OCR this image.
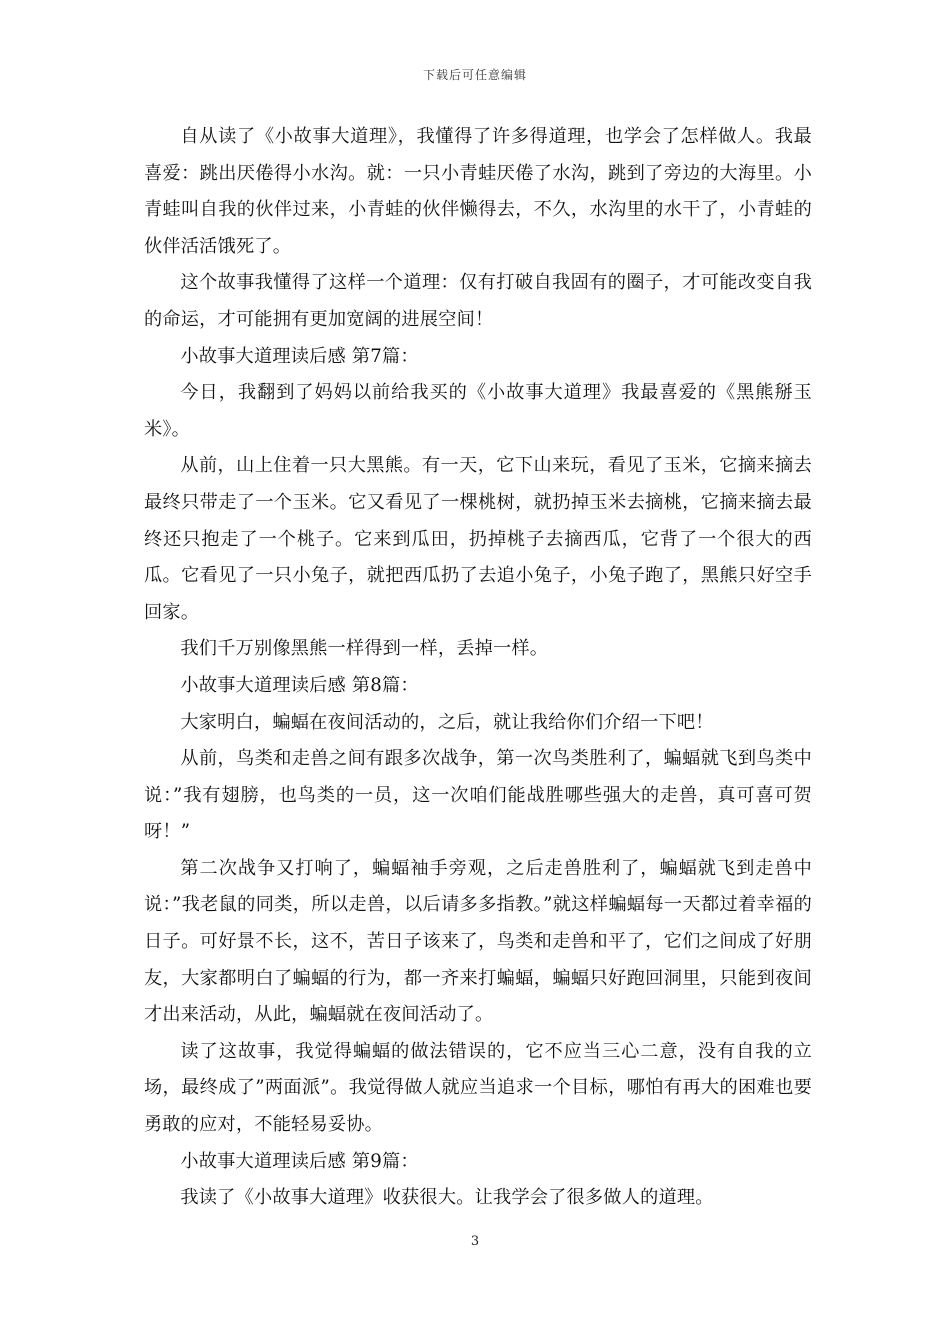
下载后可任意编辑

自从读了《小故事大道理》，我懂得了许多得道理，也学会了怎样做人。我最喜爱：跳出厌倦得小水沟。就：一只小青蛙厌倦了水沟，跳到了旁边的大海里。小青蛙叫自我的伙伴过来，小青蛙的伙伴懒得去，不久，水沟里的水干了，小青蛙的伙伴活活饿死了。

这个故事我懂得了这样一个道理：仅有打破自我固有的圈子，才可能改变自我的命运，才可能拥有更加宽阔的进展空间！

小故事大道理读后感 第7篇：

今日，我翻到了妈妈以前给我买的《小故事大道理》我最喜爱的《黑熊掰玉米》。

从前，山上住着一只大黑熊。有一天，它下山来玩，看见了玉米，它摘来摘去最终只带走了一个玉米。它又看见了一棵桃树，就扔掉玉米去摘桃，它摘来摘去最终还只抱走了一个桃子。它来到瓜田，扔掉桃子去摘西瓜，它背了一个很大的西瓜。它看见了一只小兔子，就把西瓜扔了去追小兔子，小兔子跑了，黑熊只好空手回家。

我们千万别像黑熊一样得到一样，丢掉一样。

小故事大道理读后感 第8篇：

大家明白，蝙蝠在夜间活动的，之后，就让我给你们介绍一下吧！

从前，鸟类和走兽之间有跟多次战争，第一次鸟类胜利了，蝙蝠就飞到鸟类中说：”我有翅膀，也鸟类的一员，这一次咱们能战胜哪些强大的走兽，真可喜可贺呀！”

第二次战争又打响了，蝙蝠袖手旁观，之后走兽胜利了，蝙蝠就飞到走兽中说：”我老鼠的同类，所以走兽，以后请多多指教。”就这样蝙蝠每一天都过着幸福的日子。可好景不长，这不，苦日子该来了，鸟类和走兽和平了，它们之间成了好朋友，大家都明白了蝙蝠的行为，都一齐来打蝙蝠，蝙蝠只好跑回洞里，只能到夜间才出来活动，从此，蝙蝠就在夜间活动了。

读了这故事，我觉得蝙蝠的做法错误的，它不应当三心二意，没有自我的立场，最终成了”两面派”。我觉得做人就应当追求一个目标，哪怕有再大的困难也要勇敢的应对，不能轻易妥协。

小故事大道理读后感 第9篇：

我读了《小故事大道理》收获很大。让我学会了很多做人的道理。

3
